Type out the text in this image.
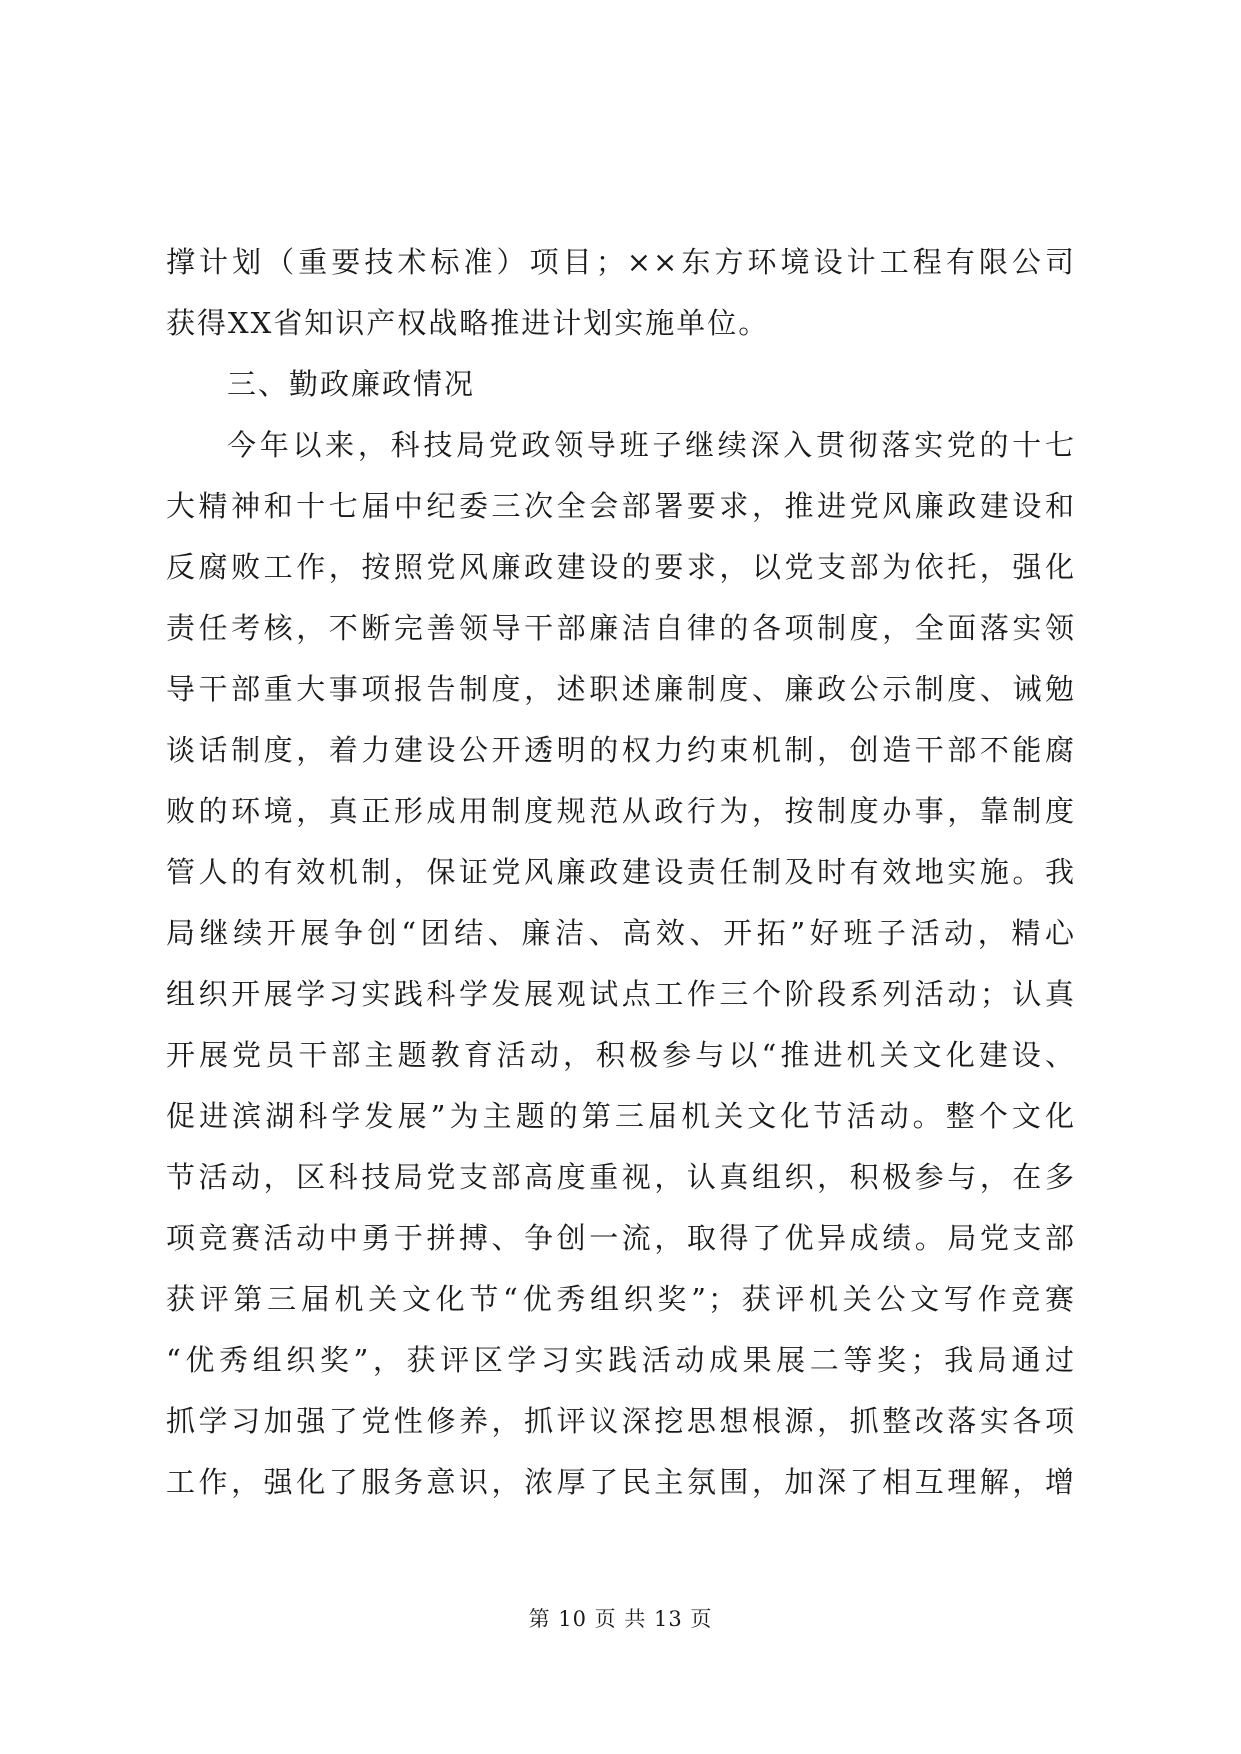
撑计划（重要技术标准）项目；××东方环境设计工程有限公司
获得XX省知识产权战略推进计划实施单位。
三、勤政廉政情况
今年以来，科技局党政领导班子继续深入贯彻落实党的十七
大精神和十七届中纪委三次全会部署要求，推进党风廉政建设和
反腐败工作，按照党风廉政建设的要求，以党支部为依托，强化
责任考核，不断完善领导干部廉洁自律的各项制度，全面落实领
导干部重大事项报告制度，述职述廉制度、廉政公示制度、诫勉
谈话制度，着力建设公开透明的权力约束机制，创造干部不能腐
败的环境，真正形成用制度规范从政行为，按制度办事，靠制度
管人的有效机制，保证党风廉政建设责任制及时有效地实施。我
局继续开展争创“团结、廉洁、高效、开拓”好班子活动，精心
组织开展学习实践科学发展观试点工作三个阶段系列活动；认真
开展党员干部主题教育活动，积极参与以“推进机关文化建设、
促进滨湖科学发展”为主题的第三届机关文化节活动。整个文化
节活动，区科技局党支部高度重视，认真组织，积极参与，在多
项竞赛活动中勇于拼搏、争创一流，取得了优异成绩。局党支部
获评第三届机关文化节“优秀组织奖”；获评机关公文写作竞赛
“优秀组织奖”，获评区学习实践活动成果展二等奖；我局通过
抓学习加强了党性修养，抓评议深挖思想根源，抓整改落实各项
工作，强化了服务意识，浓厚了民主氛围，加深了相互理解，增
第 10 页 共 13 页
